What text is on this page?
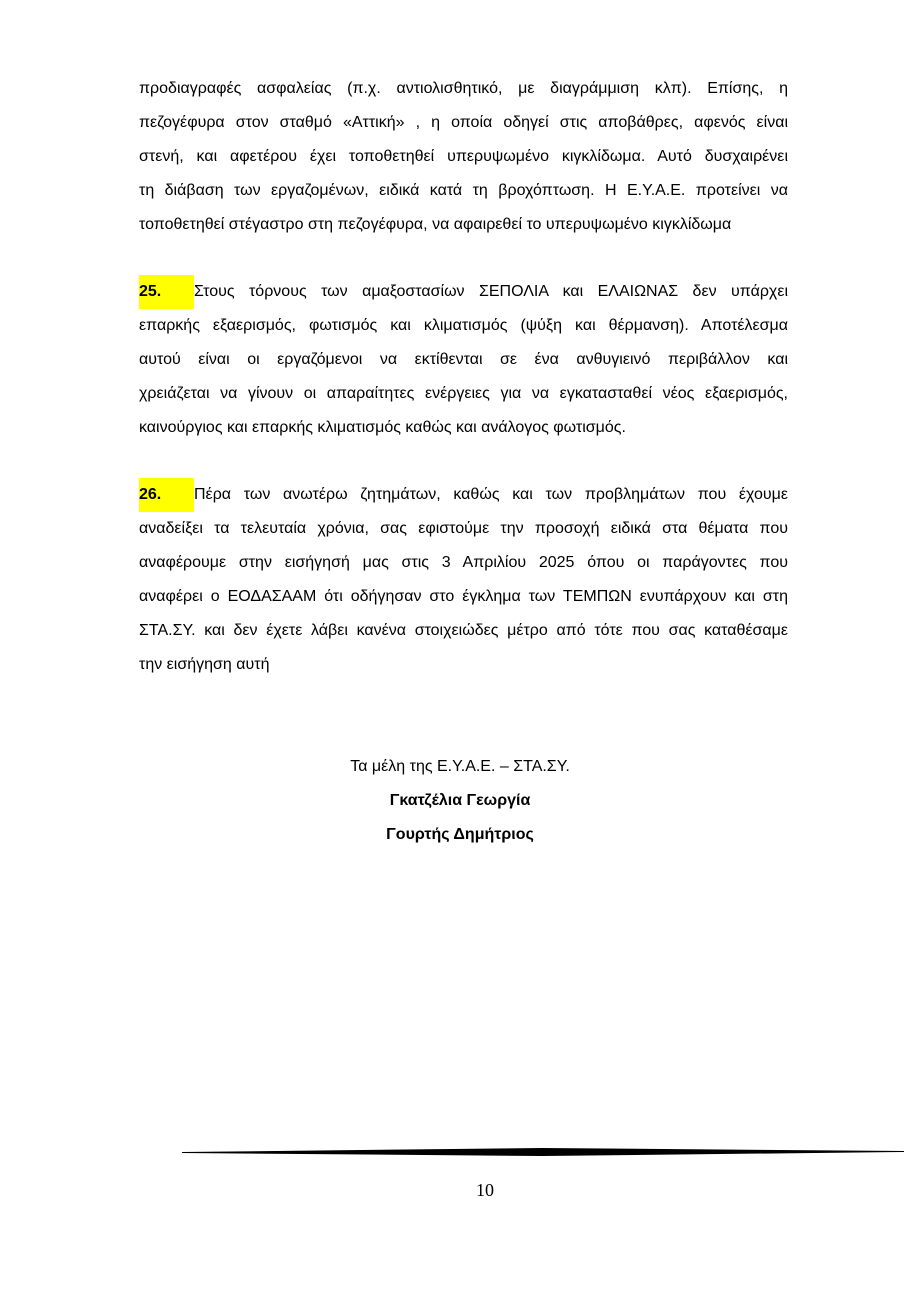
προδιαγραφές ασφαλείας (π.χ. αντιολισθητικό, με διαγράμμιση κλπ). Επίσης, η
πεζογέφυρα στον σταθμό «Αττική» , η οποία οδηγεί στις αποβάθρες, αφενός είναι
στενή, και αφετέρου έχει τοποθετηθεί υπερυψωμένο κιγκλίδωμα. Αυτό δυσχαιρένει
τη διάβαση των εργαζομένων, ειδικά κατά τη βροχόπτωση. Η Ε.Υ.Α.Ε. προτείνει να
τοποθετηθεί στέγαστρο στη πεζογέφυρα, να αφαιρεθεί το υπερυψωμένο κιγκλίδωμα
25. Στους τόρνους των αμαξοστασίων ΣΕΠΟΛΙΑ και ΕΛΑΙΩΝΑΣ δεν υπάρχει
επαρκής εξαερισμός, φωτισμός και κλιματισμός (ψύξη και θέρμανση). Αποτέλεσμα
αυτού είναι οι εργαζόμενοι να εκτίθενται σε ένα ανθυγιεινό περιβάλλον και
χρειάζεται να γίνουν οι απαραίτητες ενέργειες για να εγκατασταθεί νέος εξαερισμός,
καινούργιος και επαρκής κλιματισμός καθώς και ανάλογος φωτισμός.
26. Πέρα των ανωτέρω ζητημάτων, καθώς και των προβλημάτων που έχουμε
αναδείξει τα τελευταία χρόνια, σας εφιστούμε την προσοχή ειδικά στα θέματα που
αναφέρουμε στην εισήγησή μας στις 3 Απριλίου 2025 όπου οι παράγοντες που
αναφέρει ο ΕΟΔΑΣΑΑΜ ότι οδήγησαν στο έγκλημα των ΤΕΜΠΩΝ ενυπάρχουν και στη
ΣΤΑ.ΣΥ. και δεν έχετε λάβει κανένα στοιχειώδες μέτρο από τότε που σας καταθέσαμε
την εισήγηση αυτή
Τα μέλη της Ε.Υ.Α.Ε. – ΣΤΑ.ΣΥ.
Γκατζέλια Γεωργία
Γουρτής Δημήτριος
10
